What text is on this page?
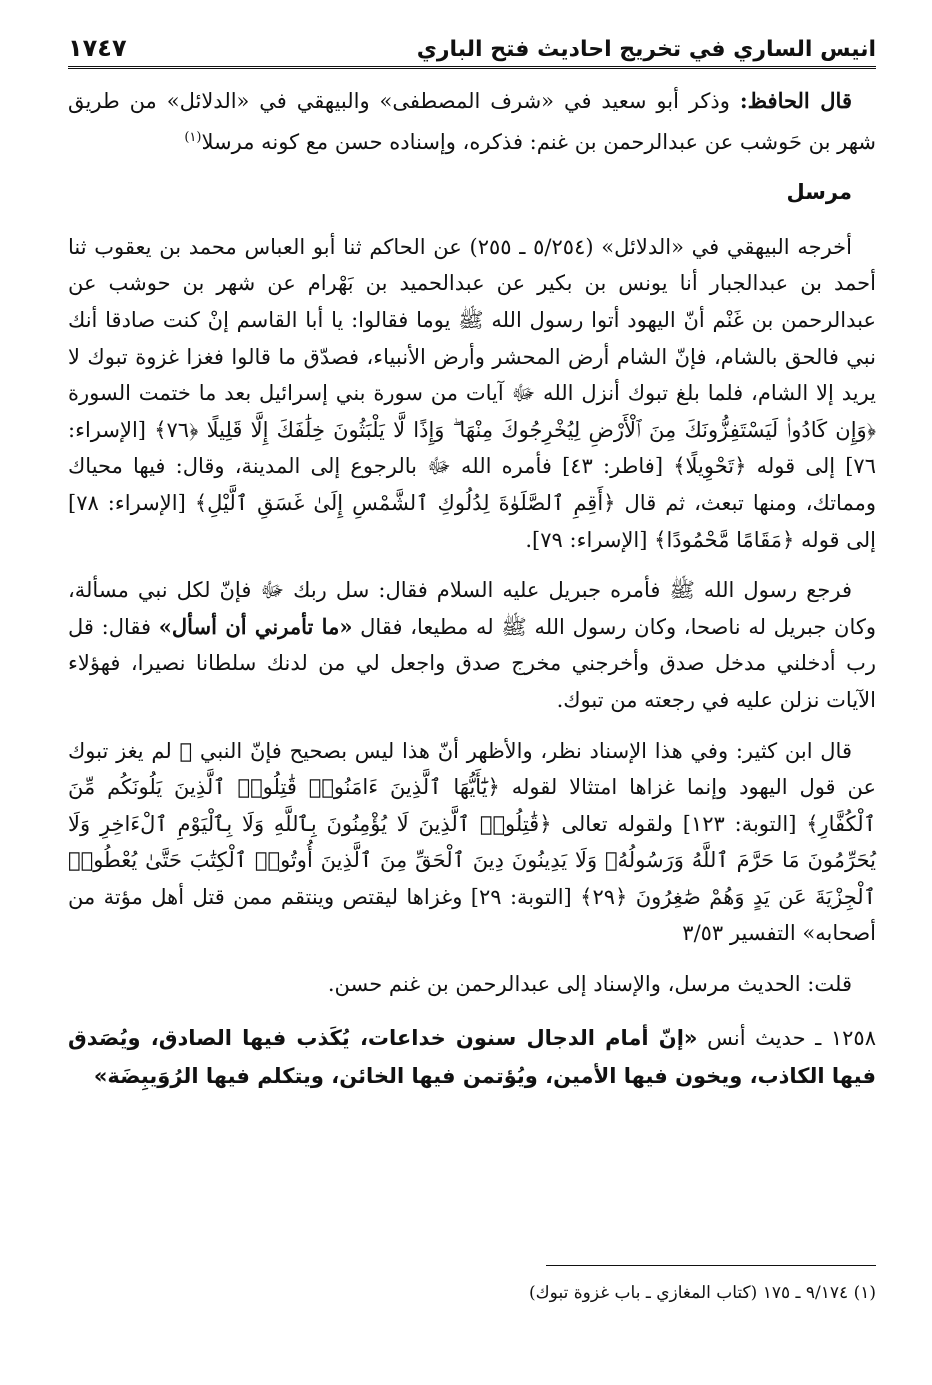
انيس الساري في تخريج احاديث فتح الباري
١٧٤٧

قال الحافظ: وذكر أبو سعيد في «شرف المصطفى» والبيهقي في «الدلائل» من طريق شهر بن حَوشب عن عبدالرحمن بن غنم: فذكره، وإسناده حسن مع كونه مرسلا$^{(١)}$

مرسل

أخرجه البيهقي في «الدلائل» (٥/٢٥٤ ـ ٢٥٥) عن الحاكم ثنا أبو العباس محمد بن يعقوب ثنا أحمد بن عبدالجبار أنا يونس بن بكير عن عبدالحميد بن بَهْرام عن شهر بن حوشب عن عبدالرحمن بن غَنْم أنّ اليهود أتوا رسول الله ﷺ يوما فقالوا: يا أبا القاسم إنْ كنت صادقا أنك نبي فالحق بالشام، فإنّ الشام أرض المحشر وأرض الأنبياء، فصدّق ما قالوا فغزا غزوة تبوك لا يريد إلا الشام، فلما بلغ تبوك أنزل الله ﷻ آيات من سورة بني إسرائيل بعد ما ختمت السورة ﴿وَإِن كَادُوا۟ لَيَسْتَفِزُّونَكَ مِنَ ٱلْأَرْضِ لِيُخْرِجُوكَ مِنْهَا ۖ وَإِذًا لَّا يَلْبَثُونَ خِلَٰفَكَ إِلَّا قَلِيلًا ﴿٧٦﴾ [الإسراء: ٧٦] إلى قوله ﴿تَحْوِيلًا﴾ [فاطر: ٤٣] فأمره الله ﷻ بالرجوع إلى المدينة، وقال: فيها محياك ومماتك، ومنها تبعث، ثم قال ﴿أَقِمِ ٱلصَّلَوٰةَ لِدُلُوكِ ٱلشَّمْسِ إِلَىٰ غَسَقِ ٱلَّيْلِ﴾ [الإسراء: ٧٨] إلى قوله ﴿مَقَامًا مَّحْمُودًا﴾ [الإسراء: ٧٩].

فرجع رسول الله ﷺ فأمره جبريل عليه السلام فقال: سل ربك ﷻ فإنّ لكل نبي مسألة، وكان جبريل له ناصحا، وكان رسول الله ﷺ له مطيعا، فقال «ما تأمرني أن أسأل» فقال: قل رب أدخلني مدخل صدق وأخرجني مخرج صدق واجعل لي من لدنك سلطانا نصيرا، فهؤلاء الآيات نزلن عليه في رجعته من تبوك.

قال ابن كثير: وفي هذا الإسناد نظر، والأظهر أنّ هذا ليس بصحيح فإنّ النبي ﷺ لم يغز تبوك عن قول اليهود وإنما غزاها امتثالا لقوله ﴿يَٰٓأَيُّهَا ٱلَّذِينَ ءَامَنُوا۟ قَٰتِلُوا۟ ٱلَّذِينَ يَلُونَكُم مِّنَ ٱلْكُفَّارِ﴾ [التوبة: ١٢٣] ولقوله تعالى ﴿قَٰتِلُوا۟ ٱلَّذِينَ لَا يُؤْمِنُونَ بِٱللَّهِ وَلَا بِٱلْيَوْمِ ٱلْءَاخِرِ وَلَا يُحَرِّمُونَ مَا حَرَّمَ ٱللَّهُ وَرَسُولُهُۥ وَلَا يَدِينُونَ دِينَ ٱلْحَقِّ مِنَ ٱلَّذِينَ أُوتُوا۟ ٱلْكِتَٰبَ حَتَّىٰ يُعْطُوا۟ ٱلْجِزْيَةَ عَن يَدٍ وَهُمْ صَٰغِرُونَ ﴿٢٩﴾ [التوبة: ٢٩] وغزاها ليقتص وينتقم ممن قتل أهل مؤتة من أصحابه» التفسير ٣/٥٣

قلت: الحديث مرسل، والإسناد إلى عبدالرحمن بن غنم حسن.

١٢٥٨ ـ حديث أنس «إنّ أمام الدجال سنون خداعات، يُكَذب فيها الصادق، ويُصَدق فيها الكاذب، ويخون فيها الأمين، ويُؤتمن فيها الخائن، ويتكلم فيها الرُوَيبِضَة»
(١) ٩/١٧٤ ـ ١٧٥ (كتاب المغازي ـ باب غزوة تبوك)
